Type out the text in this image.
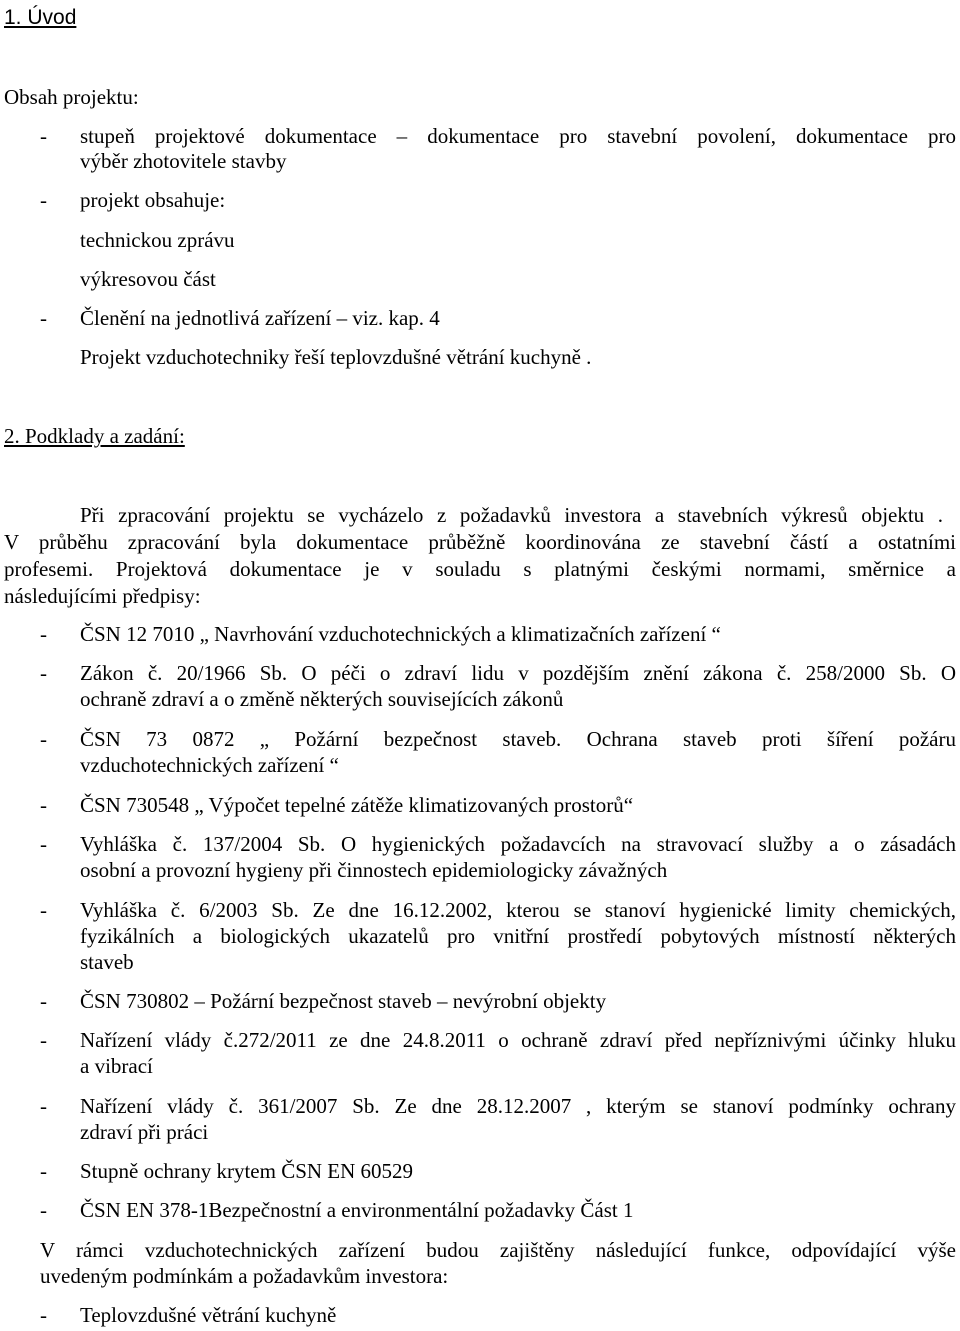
1. Úvod
Obsah projektu:
- stupeň projektové dokumentace – dokumentace pro stavební povolení, dokumentace pro
výběr zhotovitele stavby
- projekt obsahuje:
technickou zprávu
výkresovou část
- Členění na jednotlivá zařízení – viz. kap. 4
Projekt vzduchotechniky řeší teplovzdušné větrání kuchyně .
2. Podklady a zadání:
Při zpracování projektu se vycházelo z požadavků investora a stavebních výkresů objektu .
V průběhu zpracování byla dokumentace průběžně koordinována ze stavební částí a ostatními
profesemi. Projektová dokumentace je v souladu s platnými českými normami, směrnice a
následujícími předpisy:
- ČSN 12 7010 „ Navrhování vzduchotechnických a klimatizačních zařízení “
- Zákon č. 20/1966 Sb. O péči o zdraví lidu v pozdějším znění zákona č. 258/2000 Sb. O
ochraně zdraví a o změně některých souvisejících zákonů
- ČSN 73 0872 „ Požární bezpečnost staveb. Ochrana staveb proti šíření požáru
vzduchotechnických zařízení “
- ČSN 730548 „ Výpočet tepelné zátěže klimatizovaných prostorů“
- Vyhláška č. 137/2004 Sb. O hygienických požadavcích na stravovací služby a o zásadách
osobní a provozní hygieny při činnostech epidemiologicky závažných
- Vyhláška č. 6/2003 Sb. Ze dne 16.12.2002, kterou se stanoví hygienické limity chemických,
fyzikálních a biologických ukazatelů pro vnitřní prostředí pobytových místností některých
staveb
- ČSN 730802 – Požární bezpečnost staveb – nevýrobní objekty
- Nařízení vlády č.272/2011 ze dne 24.8.2011 o ochraně zdraví před nepříznivými účinky hluku
a vibrací
- Nařízení vlády č. 361/2007 Sb. Ze dne 28.12.2007 , kterým se stanoví podmínky ochrany
zdraví při práci
- Stupně ochrany krytem ČSN EN 60529
- ČSN EN 378-1Bezpečnostní a environmentální požadavky Část 1
V rámci vzduchotechnických zařízení budou zajištěny následující funkce, odpovídající výše
uvedeným podmínkám a požadavkům investora:
- Teplovzdušné větrání kuchyně
